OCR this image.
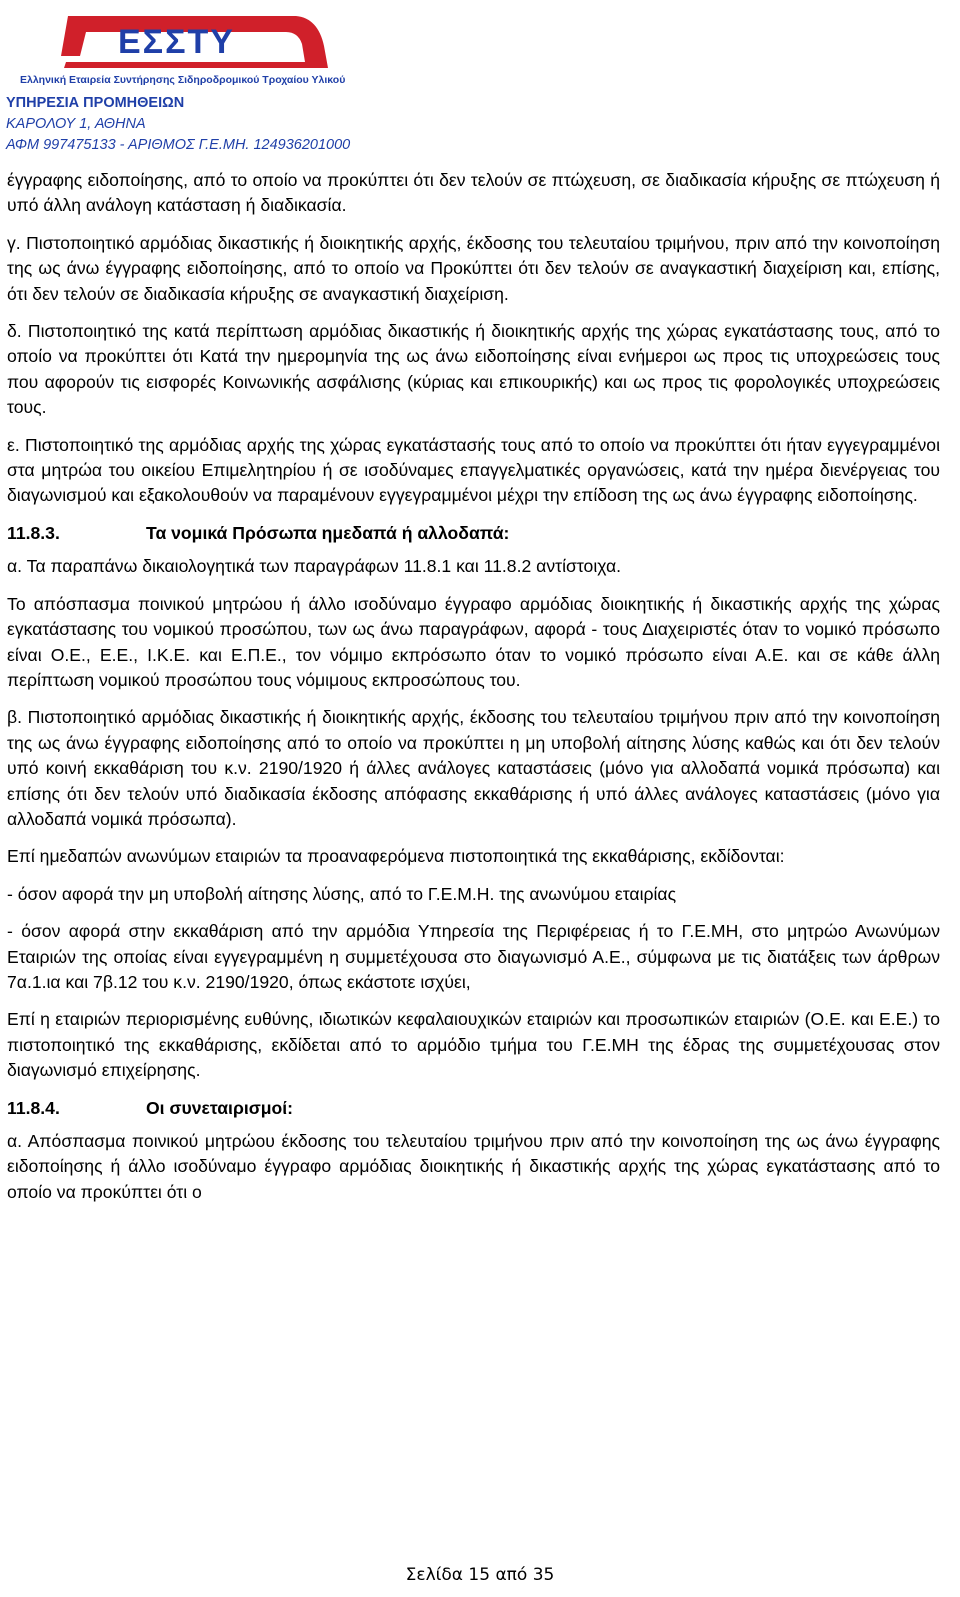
ΕΣΣΤΥ
Ελληνική Εταιρεία Συντήρησης Σιδηροδρομικού Τροχαίου Υλικού Α.Ε.

ΥΠΗΡΕΣΙΑ ΠΡΟΜΗΘΕΙΩΝ

ΚΑΡΟΛΟΥ 1, ΑΘΗΝΑ

ΑΦΜ 997475133 - ΑΡΙΘΜΟΣ Γ.Ε.ΜΗ. 124936201000

έγγραφης ειδοποίησης, από το οποίο να προκύπτει ότι δεν τελούν σε πτώχευση, σε διαδικασία κήρυξης σε πτώχευση ή υπό άλλη ανάλογη κατάσταση ή διαδικασία.

γ. Πιστοποιητικό αρμόδιας δικαστικής ή διοικητικής αρχής, έκδοσης του τελευταίου τριμήνου, πριν από την κοινοποίηση της ως άνω έγγραφης ειδοποίησης, από το οποίο να Προκύπτει ότι δεν τελούν σε αναγκαστική διαχείριση και, επίσης, ότι δεν τελούν σε διαδικασία κήρυξης σε αναγκαστική διαχείριση.

δ. Πιστοποιητικό της κατά περίπτωση αρμόδιας δικαστικής ή διοικητικής αρχής της χώρας εγκατάστασης τους, από το οποίο να προκύπτει ότι Κατά την ημερομηνία της ως άνω ειδοποίησης είναι ενήμεροι ως προς τις υποχρεώσεις τους που αφορούν τις εισφορές Κοινωνικής ασφάλισης (κύριας και επικουρικής) και ως προς τις φορολογικές υποχρεώσεις τους.

ε. Πιστοποιητικό της αρμόδιας αρχής της χώρας εγκατάστασής τους από το οποίο να προκύπτει ότι ήταν εγγεγραμμένοι στα μητρώα του οικείου Επιμελητηρίου ή σε ισοδύναμες επαγγελματικές οργανώσεις, κατά την ημέρα διενέργειας του διαγωνισμού και εξακολουθούν να παραμένουν εγγεγραμμένοι μέχρι την επίδοση της ως άνω έγγραφης ειδοποίησης.

11.8.3.	Τα νομικά Πρόσωπα ημεδαπά ή αλλοδαπά:

α. Τα παραπάνω δικαιολογητικά των παραγράφων 11.8.1 και 11.8.2 αντίστοιχα.

Το απόσπασμα ποινικού μητρώου ή άλλο ισοδύναμο έγγραφο αρμόδιας διοικητικής ή δικαστικής αρχής της χώρας εγκατάστασης του νομικού προσώπου, των ως άνω παραγράφων, αφορά - τους Διαχειριστές όταν το νομικό πρόσωπο είναι Ο.Ε., Ε.Ε., Ι.Κ.Ε. και Ε.Π.Ε., τον νόμιμο εκπρόσωπο όταν το νομικό πρόσωπο είναι Α.Ε. και σε κάθε άλλη περίπτωση νομικού προσώπου τους νόμιμους εκπροσώπους του.

β. Πιστοποιητικό αρμόδιας δικαστικής ή διοικητικής αρχής, έκδοσης του τελευταίου τριμήνου πριν από την κοινοποίηση της ως άνω έγγραφης ειδοποίησης από το οποίο να προκύπτει η μη υποβολή αίτησης λύσης καθώς και ότι δεν τελούν υπό κοινή εκκαθάριση του κ.ν. 2190/1920 ή άλλες ανάλογες καταστάσεις (μόνο για αλλοδαπά νομικά πρόσωπα) και επίσης ότι δεν τελούν υπό διαδικασία έκδοσης απόφασης εκκαθάρισης ή υπό άλλες ανάλογες καταστάσεις (μόνο για αλλοδαπά νομικά πρόσωπα).

Επί ημεδαπών ανωνύμων εταιριών τα προαναφερόμενα πιστοποιητικά της εκκαθάρισης, εκδίδονται:

- όσον αφορά την μη υποβολή αίτησης λύσης, από το Γ.Ε.Μ.Η. της ανωνύμου εταιρίας

- όσον αφορά στην εκκαθάριση από την αρμόδια Υπηρεσία της Περιφέρειας ή το Γ.Ε.ΜΗ, στο μητρώο Ανωνύμων Εταιριών της οποίας είναι εγγεγραμμένη η συμμετέχουσα στο διαγωνισμό Α.Ε., σύμφωνα με τις διατάξεις των άρθρων 7α.1.ια και 7β.12 του κ.ν. 2190/1920, όπως εκάστοτε ισχύει,

Επί η εταιριών περιορισμένης ευθύνης, ιδιωτικών κεφαλαιουχικών εταιριών και προσωπικών εταιριών (Ο.Ε. και Ε.Ε.) το πιστοποιητικό της εκκαθάρισης, εκδίδεται από το αρμόδιο τμήμα του Γ.Ε.ΜΗ της έδρας της συμμετέχουσας στον διαγωνισμό επιχείρησης.

11.8.4.	Οι συνεταιρισμοί:

α. Απόσπασμα ποινικού μητρώου έκδοσης του τελευταίου τριμήνου πριν από την κοινοποίηση της ως άνω έγγραφης ειδοποίησης ή άλλο ισοδύναμο έγγραφο αρμόδιας διοικητικής ή δικαστικής αρχής της χώρας εγκατάστασης από το οποίο να προκύπτει ότι ο

Σελίδα 15 από 35
